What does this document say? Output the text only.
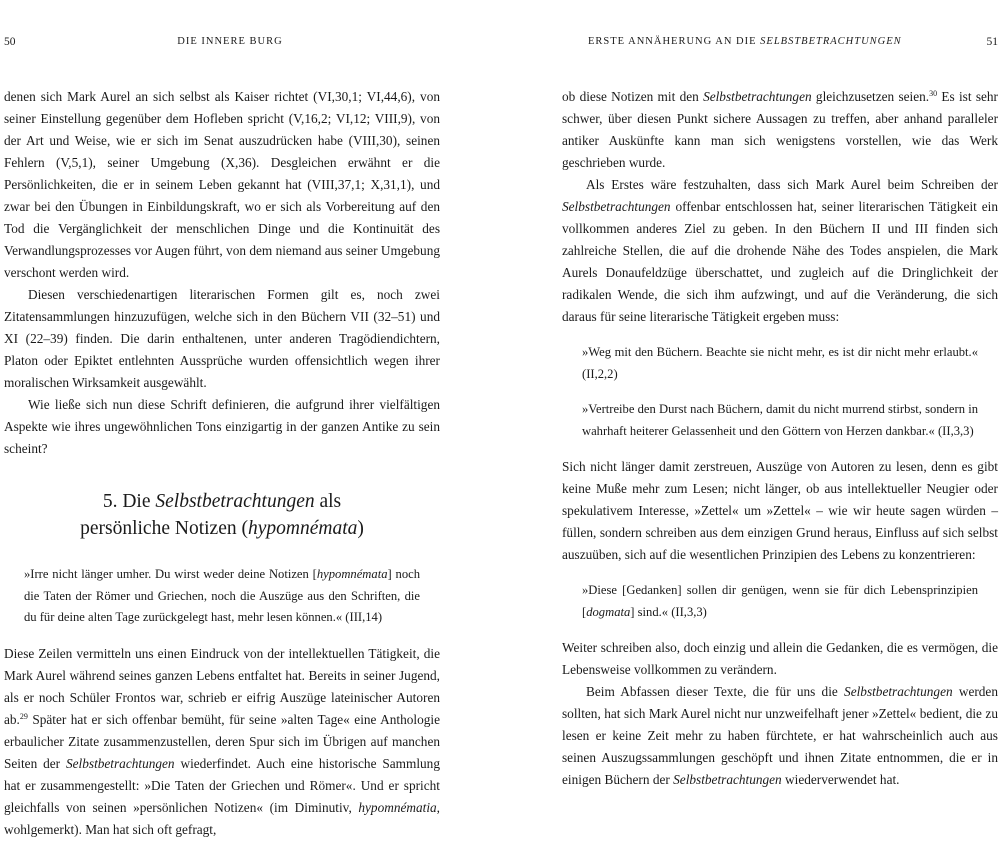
50	DIE INNERE BURG

denen sich Mark Aurel an sich selbst als Kaiser richtet (VI,30,1; VI,44,6), von seiner Einstellung gegenüber dem Hofleben spricht (V,16,2; VI,12; VIII,9), von der Art und Weise, wie er sich im Senat auszudrücken habe (VIII,30), seinen Fehlern (V,5,1), seiner Umgebung (X,36). Desgleichen erwähnt er die Persönlichkeiten, die er in seinem Leben gekannt hat (VIII,37,1; X,31,1), und zwar bei den Übungen in Einbildungskraft, wo er sich als Vorbereitung auf den Tod die Vergänglichkeit der menschlichen Dinge und die Kontinuität des Verwandlungsprozesses vor Augen führt, von dem niemand aus seiner Umgebung verschont werden wird.

Diesen verschiedenartigen literarischen Formen gilt es, noch zwei Zitatensammlungen hinzuzufügen, welche sich in den Büchern VII (32–51) und XI (22–39) finden. Die darin enthaltenen, unter anderen Tragödiendichtern, Platon oder Epiktet entlehnten Aussprüche wurden offensichtlich wegen ihrer moralischen Wirksamkeit ausgewählt.

Wie ließe sich nun diese Schrift definieren, die aufgrund ihrer vielfältigen Aspekte wie ihres ungewöhnlichen Tons einzigartig in der ganzen Antike zu sein scheint?

5. Die Selbstbetrachtungen als
persönliche Notizen (hypomnémata)
»Irre nicht länger umher. Du wirst weder deine Notizen [hypomnémata] noch die Taten der Römer und Griechen, noch die Auszüge aus den Schriften, die du für deine alten Tage zurückgelegt hast, mehr lesen können.« (III,14)

Diese Zeilen vermitteln uns einen Eindruck von der intellektuellen Tätigkeit, die Mark Aurel während seines ganzen Lebens entfaltet hat. Bereits in seiner Jugend, als er noch Schüler Frontos war, schrieb er eifrig Auszüge lateinischer Autoren ab.$^{29}$ Später hat er sich offenbar bemüht, für seine »alten Tage« eine Anthologie erbaulicher Zitate zusammenzustellen, deren Spur sich im Übrigen auf manchen Seiten der Selbstbetrachtungen wiederfindet. Auch eine historische Sammlung hat er zusammengestellt: »Die Taten der Griechen und Römer«. Und er spricht gleichfalls von seinen »persönlichen Notizen« (im Diminutiv, hypomnématia, wohlgemerkt). Man hat sich oft gefragt,

ERSTE ANNÄHERUNG AN DIE SELBSTBETRACHTUNGEN	51

ob diese Notizen mit den Selbstbetrachtungen gleichzusetzen seien.$^{30}$ Es ist sehr schwer, über diesen Punkt sichere Aussagen zu treffen, aber anhand paralleler antiker Auskünfte kann man sich wenigstens vorstellen, wie das Werk geschrieben wurde.

Als Erstes wäre festzuhalten, dass sich Mark Aurel beim Schreiben der Selbstbetrachtungen offenbar entschlossen hat, seiner literarischen Tätigkeit ein vollkommen anderes Ziel zu geben. In den Büchern II und III finden sich zahlreiche Stellen, die auf die drohende Nähe des Todes anspielen, die Mark Aurels Donaufeldzüge überschattet, und zugleich auf die Dringlichkeit der radikalen Wende, die sich ihm aufzwingt, und auf die Veränderung, die sich daraus für seine literarische Tätigkeit ergeben muss:

»Weg mit den Büchern. Beachte sie nicht mehr, es ist dir nicht mehr erlaubt.« (II,2,2)
»Vertreibe den Durst nach Büchern, damit du nicht murrend stirbst, sondern in wahrhaft heiterer Gelassenheit und den Göttern von Herzen dankbar.« (II,3,3)

Sich nicht länger damit zerstreuen, Auszüge von Autoren zu lesen, denn es gibt keine Muße mehr zum Lesen; nicht länger, ob aus intellektueller Neugier oder spekulativem Interesse, »Zettel« um »Zettel« – wie wir heute sagen würden – füllen, sondern schreiben aus dem einzigen Grund heraus, Einfluss auf sich selbst auszuüben, sich auf die wesentlichen Prinzipien des Lebens zu konzentrieren:

»Diese [Gedanken] sollen dir genügen, wenn sie für dich Lebensprinzipien [dogmata] sind.« (II,3,3)

Weiter schreiben also, doch einzig und allein die Gedanken, die es vermögen, die Lebensweise vollkommen zu verändern.

Beim Abfassen dieser Texte, die für uns die Selbstbetrachtungen werden sollten, hat sich Mark Aurel nicht nur unzweifelhaft jener »Zettel« bedient, die zu lesen er keine Zeit mehr zu haben fürchtete, er hat wahrscheinlich auch aus seinen Auszugssammlungen geschöpft und ihnen Zitate entnommen, die er in einigen Büchern der Selbstbetrachtungen wiederverwendet hat.
